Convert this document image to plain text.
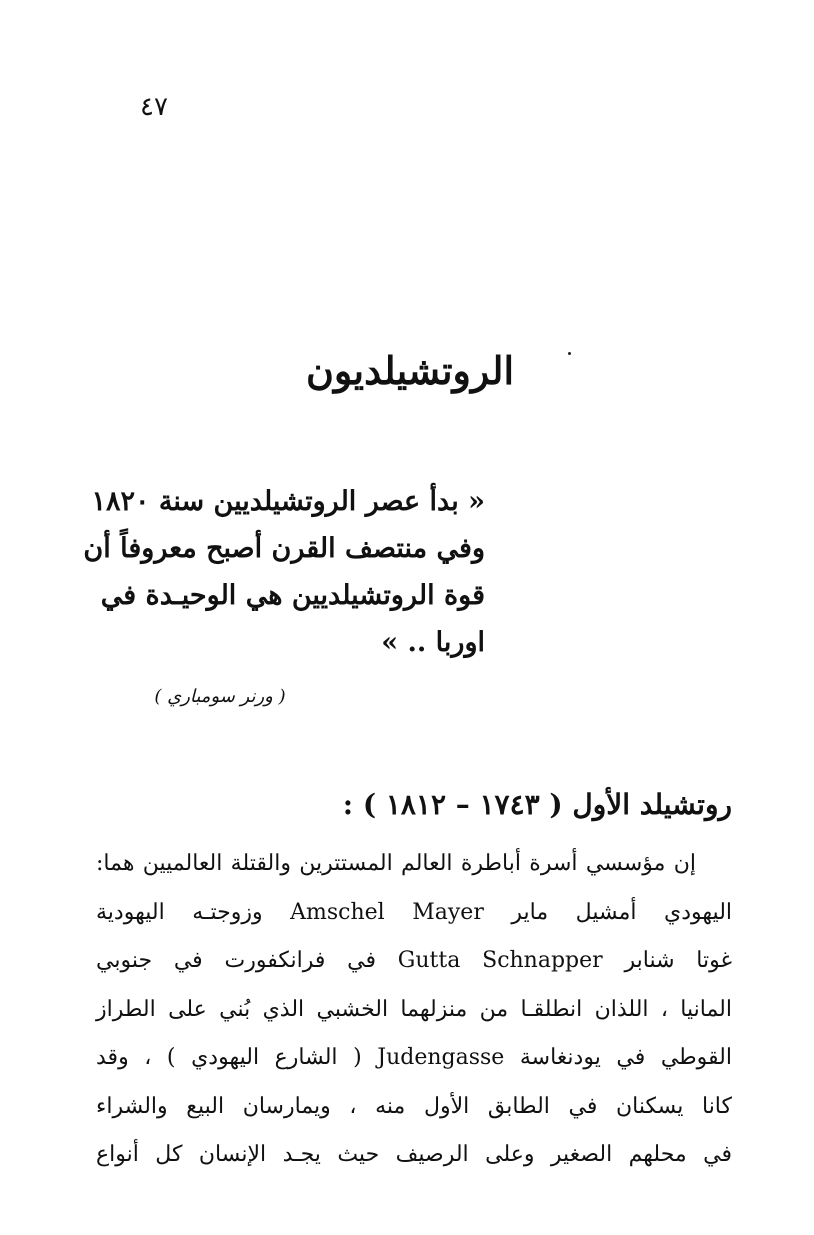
٤٧
الروتشيلديون
« بدأ عصر الروتشيلديين سنة ١٨٢٠
وفي منتصف القرن أصبح معروفاً أن
قوة الروتشيلديين هي الوحيـدة في
اوربا .. »
( ورنر سومباري )
روتشيلد الأول ( ١٧٤٣ – ١٨١٢ ) :
إن مؤسسي أسرة أباطرة العالم المستترين والقتلة العالميين هما:
اليهودي أمشيل ماير Amschel Mayer وزوجتـه اليهودية
غوتا شنابر Gutta Schnapper في فرانكفورت في جنوبي
المانيا ، اللذان انطلقـا من منزلهما الخشبي الذي بُني على الطراز
القوطي في يودنغاسة Judengasse ( الشارع اليهودي ) ، وقد
كانا يسكنان في الطابق الأول منه ، ويمارسان البيع والشراء
في محلهم الصغير وعلى الرصيف حيث يجـد الإنسان كل أنواع
